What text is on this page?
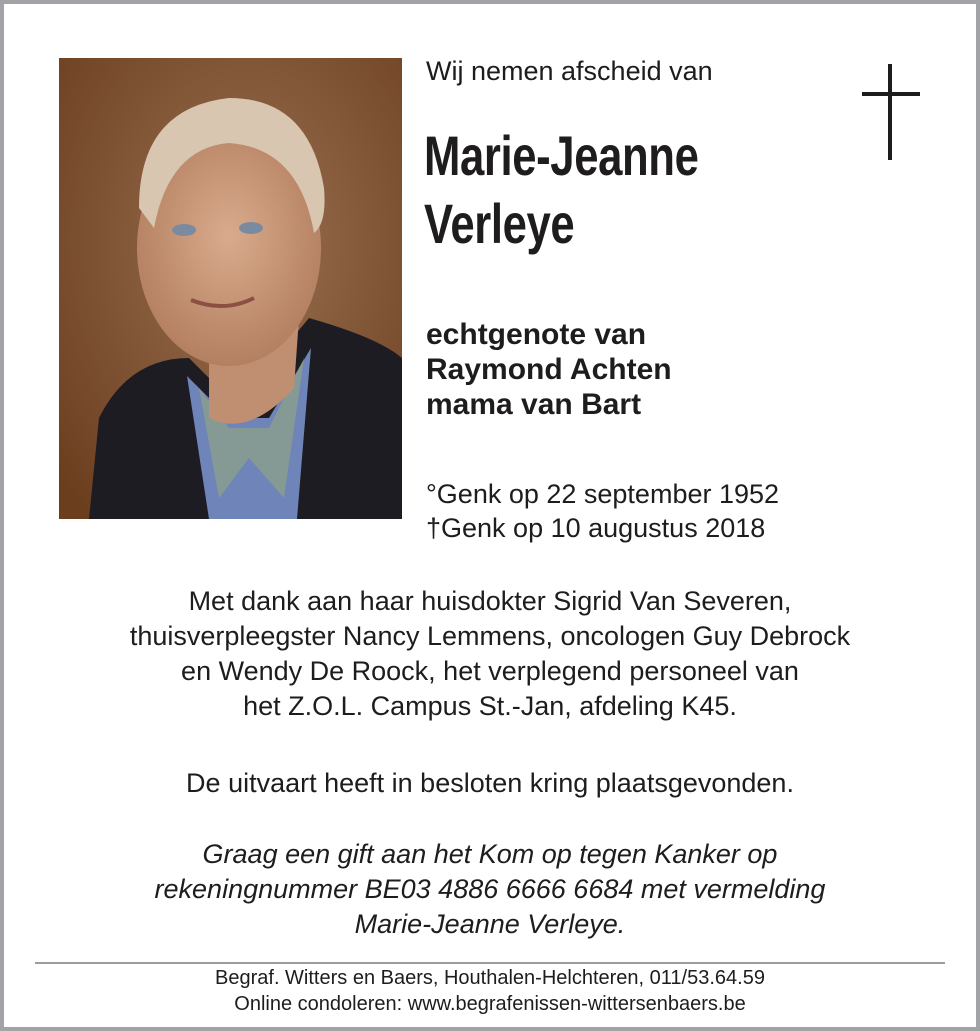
Wij nemen afscheid van
Marie-Jeanne
Verleye
echtgenote van
Raymond Achten
mama van Bart
°Genk op 22 september 1952
†Genk op 10 augustus 2018
Met dank aan haar huisdokter Sigrid Van Severen,
thuisverpleegster Nancy Lemmens, oncologen Guy Debrock
en Wendy De Roock, het verplegend personeel van
het Z.O.L. Campus St.-Jan, afdeling K45.
De uitvaart heeft in besloten kring plaatsgevonden.
Graag een gift aan het Kom op tegen Kanker op
rekeningnummer BE03 4886 6666 6684 met vermelding
Marie-Jeanne Verleye.
Begraf. Witters en Baers, Houthalen-Helchteren, 011/53.64.59
Online condoleren: www.begrafenissen-wittersenbaers.be
